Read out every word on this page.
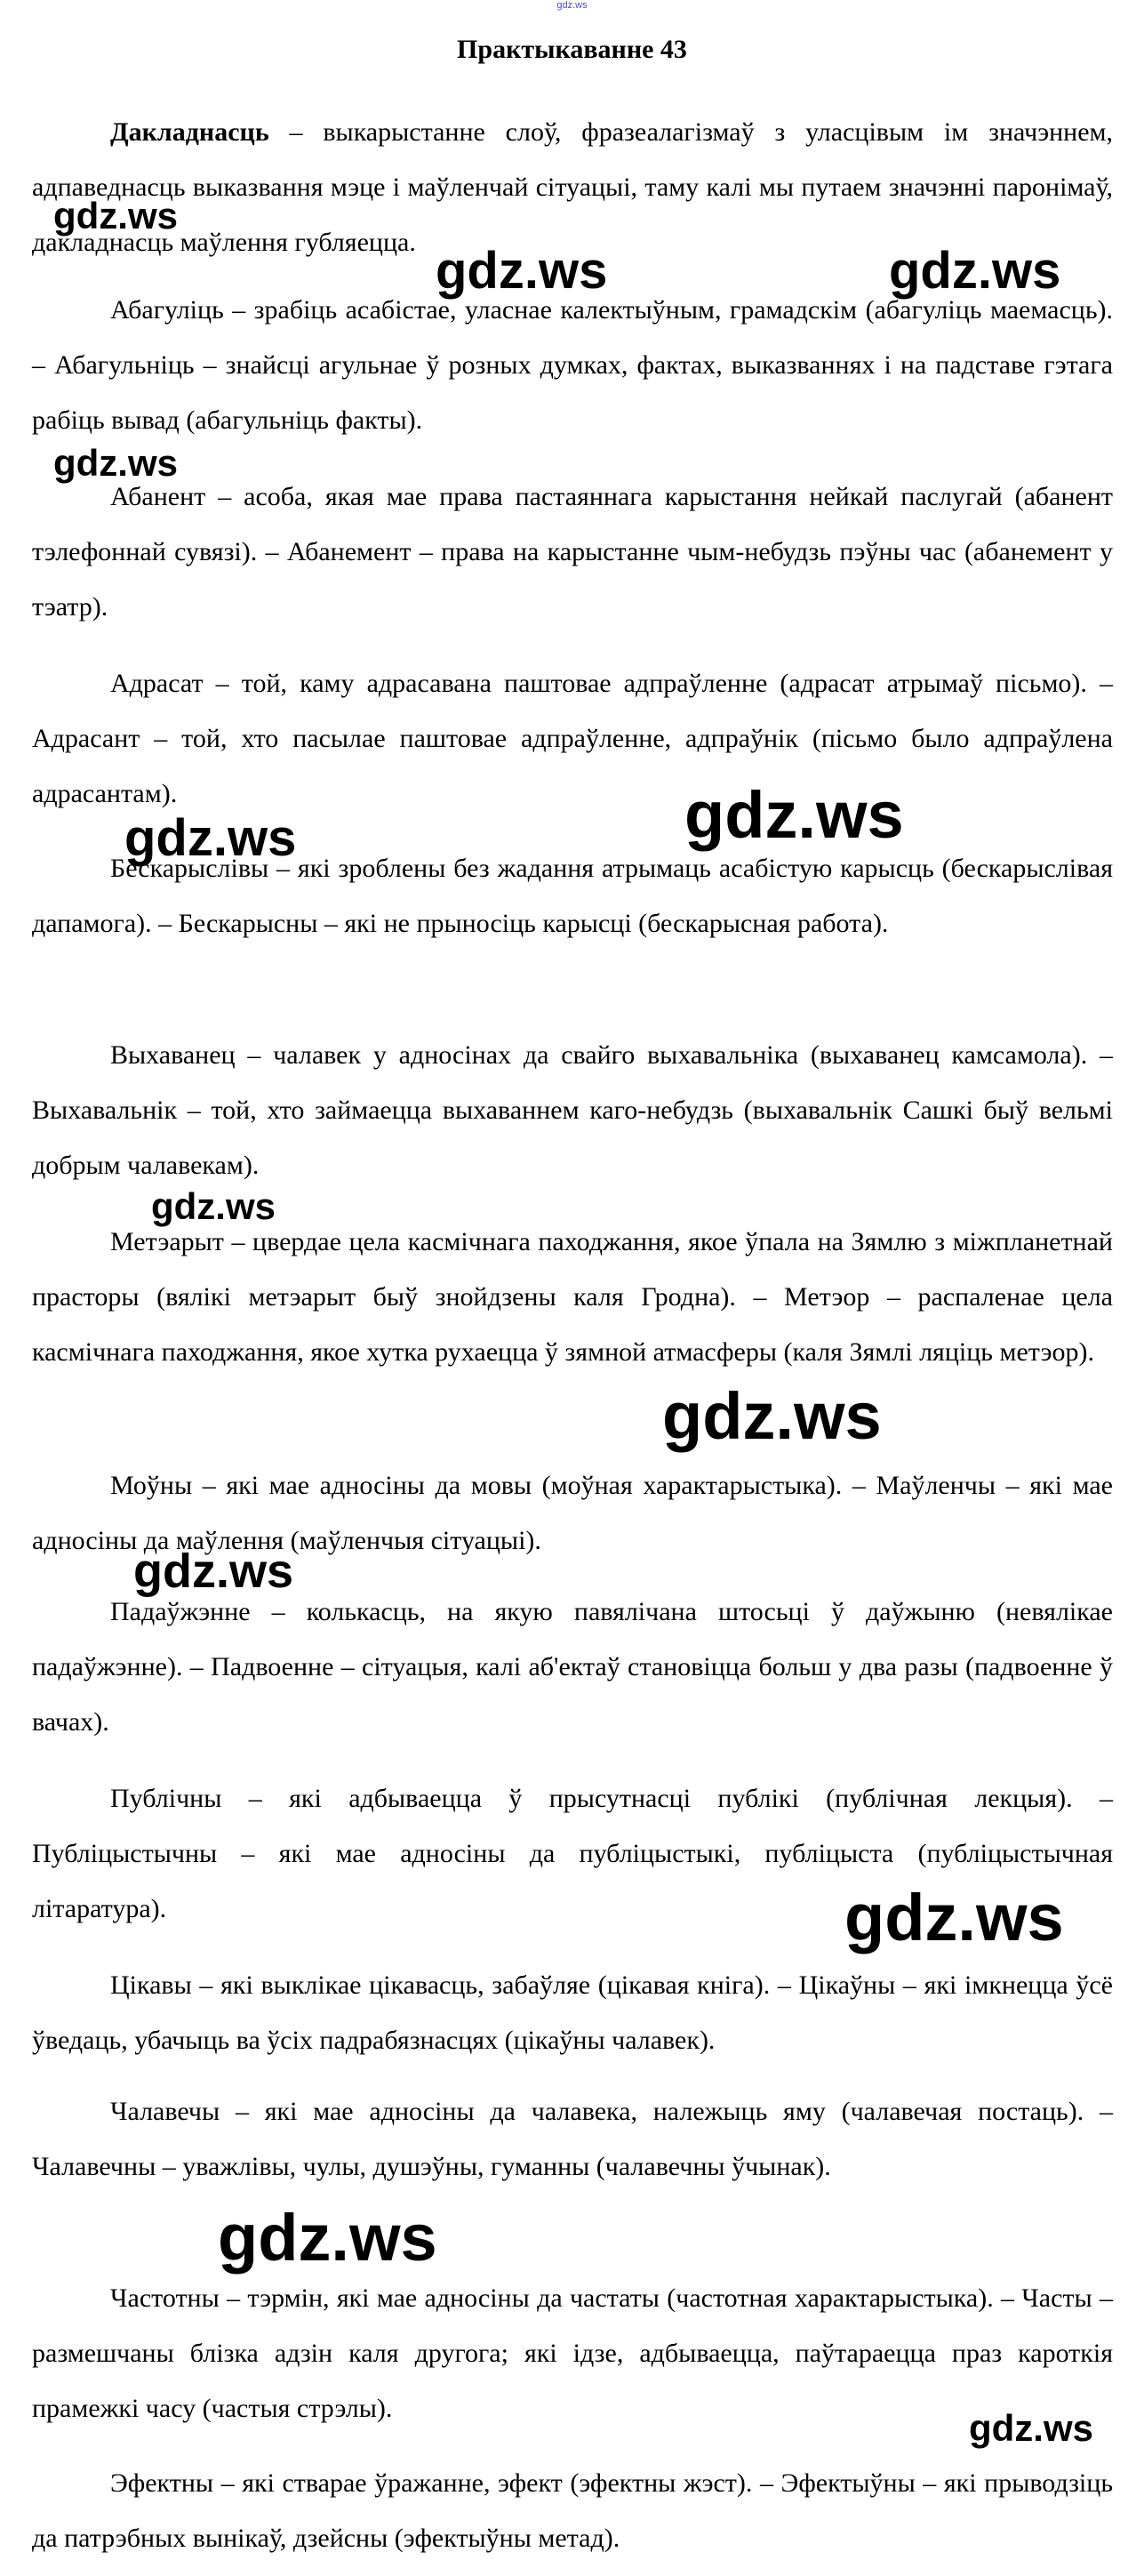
gdz.ws
Практыкаванне 43

Дакладнасць – выкарыстанне слоў, фразеалагізмаў з уласцівым ім значэннем, адпаведнасць выказвання мэце і маўленчай сітуацыі, таму калі мы путаем значэнні паронімаў, дакладнасць маўлення губляецца.

Абагуліць – зрабіць асабістае, уласнае калектыўным, грамадскім (абагуліць маемасць). – Абагульніць – знайсці агульнае ў розных думках, фактах, выказваннях і на падставе гэтага рабіць вывад (абагульніць факты).

Абанент – асоба, якая мае права пастаяннага карыстання нейкай паслугай (абанент тэлефоннай сувязі). – Абанемент – права на карыстанне чым-небудзь пэўны час (абанемент у тэатр).

Адрасат – той, каму адрасавана паштовае адпраўленне (адрасат атрымаў пісьмо). – Адрасант – той, хто пасылае паштовае адпраўленне, адпраўнік (пісьмо было адпраўлена адрасантам).

Бескарыслівы – які зроблены без жадання атрымаць асабістую карысць (бескарыслівая дапамога). – Бескарысны – які не прыносіць карысці (бескарысная работа).

Выхаванец – чалавек у адносінах да свайго выхавальніка (выхаванец камсамола). – Выхавальнік – той, хто займаецца выхаваннем каго-небудзь (выхавальнік Сашкі быў вельмі добрым чалавекам).

Метэарыт – цвердае цела касмічнага паходжання, якое ўпала на Зямлю з міжпланетнай прасторы (вялікі метэарыт быў знойдзены каля Гродна). – Метэор – распаленае цела касмічнага паходжання, якое хутка рухаецца ў зямной атмасферы (каля Зямлі ляціць метэор).

Моўны – які мае адносіны да мовы (моўная характарыстыка). – Маўленчы – які мае адносіны да маўлення (маўленчыя сітуацыі).

Падаўжэнне – колькасць, на якую павялічана штосьці ў даўжыню (невялікае падаўжэнне). – Падвоенне – сітуацыя, калі аб'ектаў становіцца больш у два разы (падвоенне ў вачах).

Публічны – які адбываецца ў прысутнасці публікі (публічная лекцыя). – Публіцыстычны – які мае адносіны да публіцыстыкі, публіцыста (публіцыстычная літаратура).

Цікавы – які выклікае цікавасць, забаўляе (цікавая кніга). – Цікаўны – які імкнецца ўсё ўведаць, убачыць ва ўсіх падрабязнасцях (цікаўны чалавек).

Чалавечы – які мае адносіны да чалавека, належыць яму (чалавечая постаць). – Чалавечны – уважлівы, чулы, душэўны, гуманны (чалавечны ўчынак).

Частотны – тэрмін, які мае адносіны да частаты (частотная характарыстыка). – Часты – размешчаны блізка адзін каля другога; які ідзе, адбываецца, паўтараецца праз кароткія прамежкі часу (частыя стрэлы).

Эфектны – які стварае ўражанне, эфект (эфектны жэст). – Эфектыўны – які прыводзіць да патрэбных вынікаў, дзейсны (эфектыўны метад).

gdz.ws
gdz.ws	gdz.ws
gdz.ws
gdz.ws	gdz.ws
gdz.ws
gdz.ws
gdz.ws
gdz.ws
gdz.ws
gdz.ws
